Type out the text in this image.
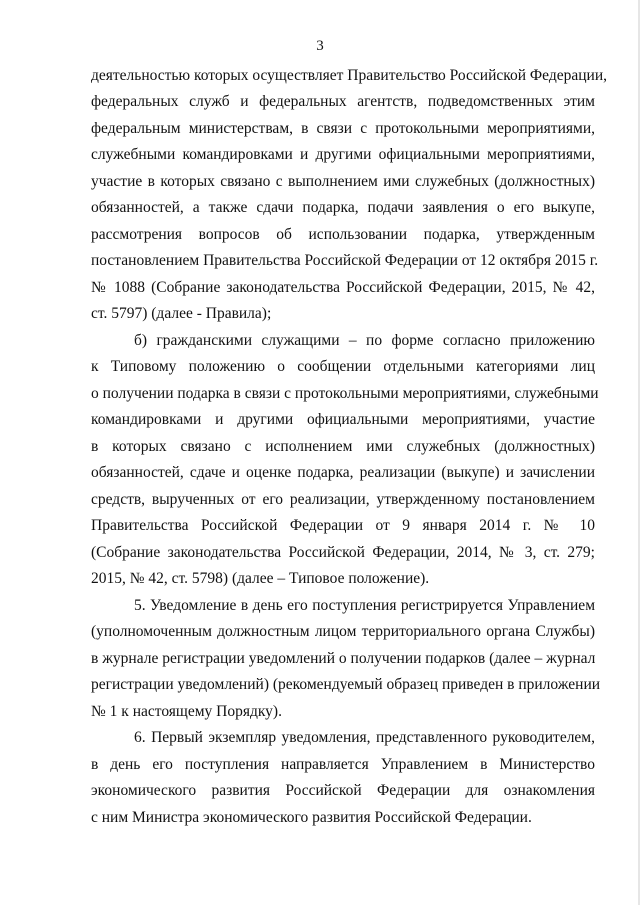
3
деятельностью которых осуществляет Правительство Российской Федерации,
федеральных служб и федеральных агентств, подведомственных этим
федеральным министерствам, в связи с протокольными мероприятиями,
служебными командировками и другими официальными мероприятиями,
участие в которых связано с выполнением ими служебных (должностных)
обязанностей, а также сдачи подарка, подачи заявления о его выкупе,
рассмотрения вопросов об использовании подарка, утвержденным
постановлением Правительства Российской Федерации от 12 октября 2015 г.
№ 1088 (Собрание законодательства Российской Федерации, 2015, № 42,
ст. 5797) (далее - Правила);
б) гражданскими служащими – по форме согласно приложению
к Типовому положению о сообщении отдельными категориями лиц
о получении подарка в связи с протокольными мероприятиями, служебными
командировками и другими официальными мероприятиями, участие
в которых связано с исполнением ими служебных (должностных)
обязанностей, сдаче и оценке подарка, реализации (выкупе) и зачислении
средств, вырученных от его реализации, утвержденному постановлением
Правительства Российской Федерации от 9 января 2014 г. № 10
(Собрание законодательства Российской Федерации, 2014, № 3, ст. 279;
2015, № 42, ст. 5798) (далее – Типовое положение).
5. Уведомление в день его поступления регистрируется Управлением
(уполномоченным должностным лицом территориального органа Службы)
в журнале регистрации уведомлений о получении подарков (далее – журнал
регистрации уведомлений) (рекомендуемый образец приведен в приложении
№ 1 к настоящему Порядку).
6. Первый экземпляр уведомления, представленного руководителем,
в день его поступления направляется Управлением в Министерство
экономического развития Российской Федерации для ознакомления
с ним Министра экономического развития Российской Федерации.
